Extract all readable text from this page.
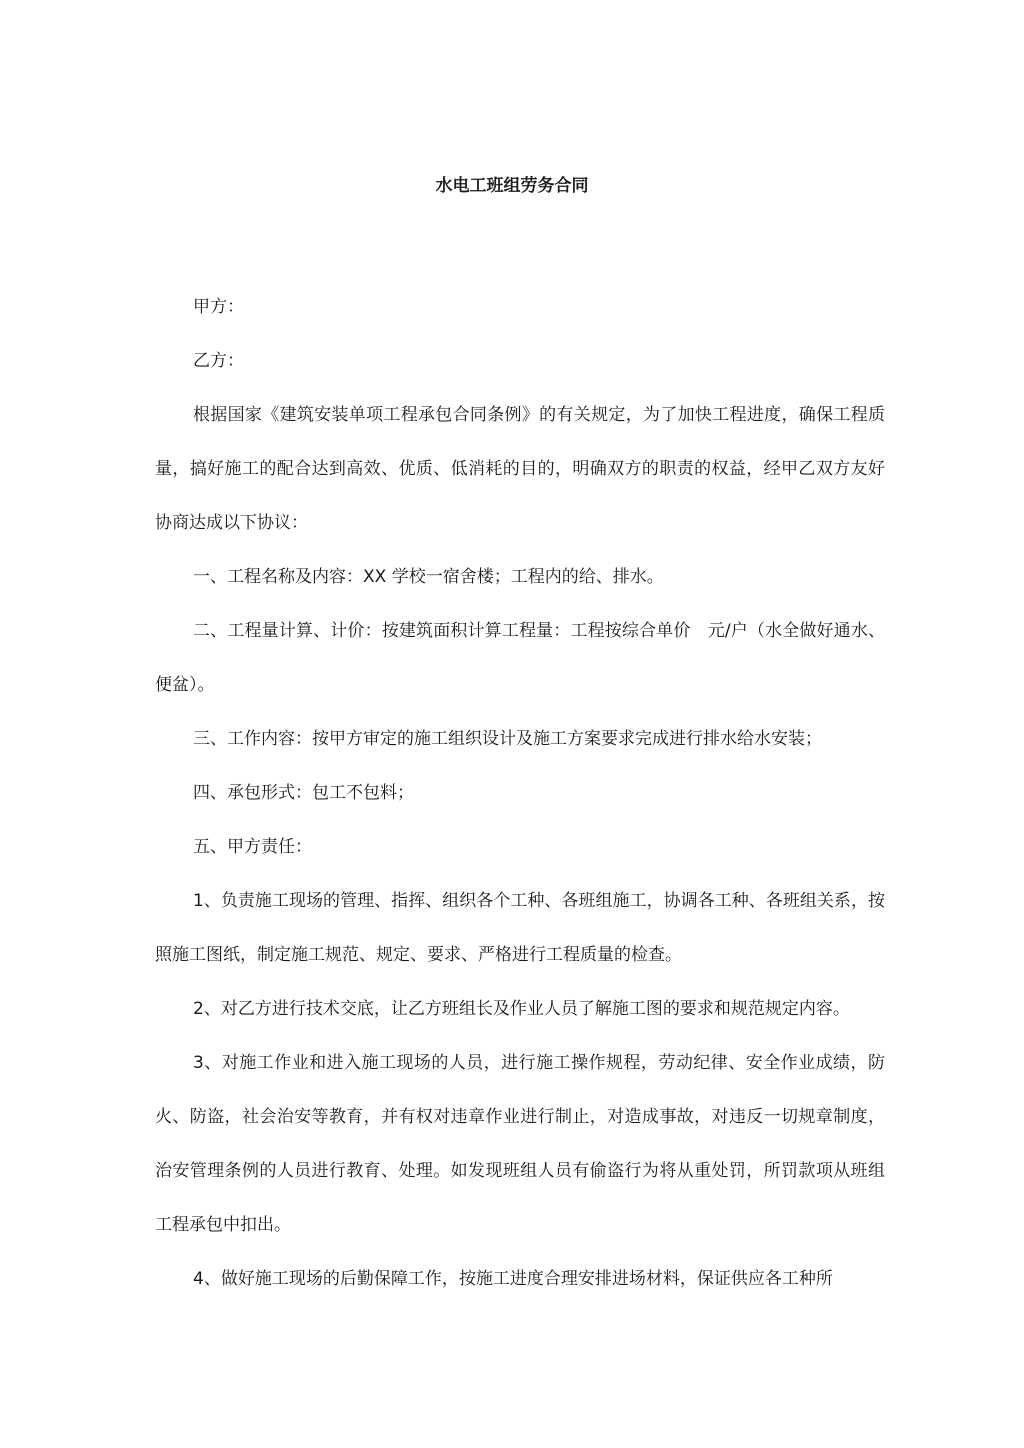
水电工班组劳务合同

甲方：

乙方：

根据国家《建筑安装单项工程承包合同条例》的有关规定，为了加快工程进度，确保工程质量，搞好施工的配合达到高效、优质、低消耗的目的，明确双方的职责的权益，经甲乙双方友好协商达成以下协议：

一、工程名称及内容：XX 学校一宿舍楼；工程内的给、排水。

二、工程量计算、计价：按建筑面积计算工程量：工程按综合单价　元/户（水全做好通水、便盆）。

三、工作内容：按甲方审定的施工组织设计及施工方案要求完成进行排水给水安装；

四、承包形式：包工不包料；

五、甲方责任：

1、负责施工现场的管理、指挥、组织各个工种、各班组施工，协调各工种、各班组关系，按照施工图纸，制定施工规范、规定、要求、严格进行工程质量的检查。

2、对乙方进行技术交底，让乙方班组长及作业人员了解施工图的要求和规范规定内容。

3、对施工作业和进入施工现场的人员，进行施工操作规程，劳动纪律、安全作业成绩，防火、防盗，社会治安等教育，并有权对违章作业进行制止，对造成事故，对违反一切规章制度，治安管理条例的人员进行教育、处理。如发现班组人员有偷盗行为将从重处罚，所罚款项从班组工程承包中扣出。

4、做好施工现场的后勤保障工作，按施工进度合理安排进场材料，保证供应各工种所
